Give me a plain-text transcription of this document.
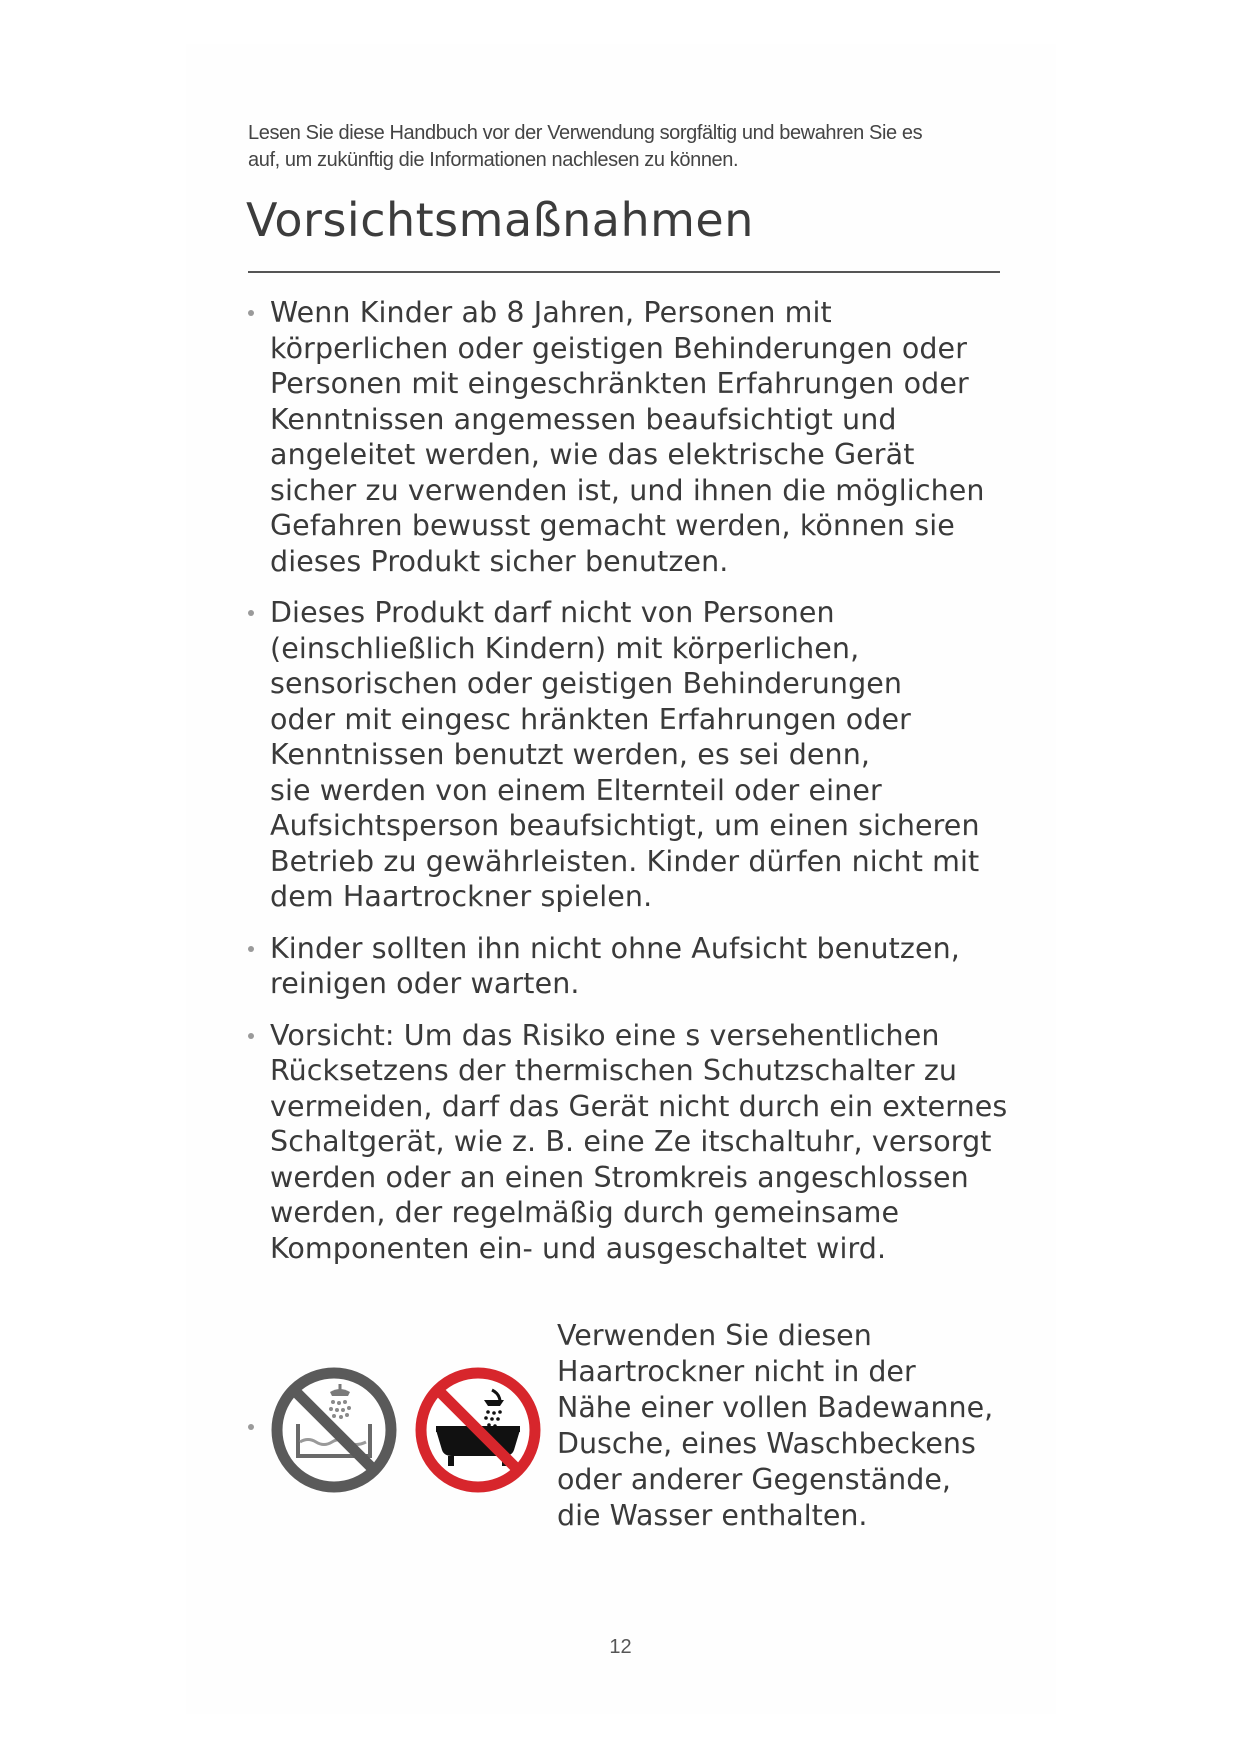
Lesen Sie diese Handbuch vor der Verwendung sorgfältig und bewahren Sie es
auf, um zukünftig die Informationen nachlesen zu können.
Vorsichtsmaßnahmen
Wenn Kinder ab 8 Jahren, Personen mit
körperlichen oder geistigen Behinderungen oder
Personen mit eingeschränkten Erfahrungen oder
Kenntnissen angemessen beaufsichtigt und
angeleitet werden, wie das elektrische Gerät
sicher zu verwenden ist, und ihnen die möglichen
Gefahren bewusst gemacht werden, können sie
dieses Produkt sicher benutzen.
Dieses Produkt darf nicht von Personen
(einschließlich Kindern) mit körperlichen,
sensorischen oder geistigen Behinderungen
oder mit eingesc hränkten Erfahrungen oder
Kenntnissen benutzt werden, es sei denn,
sie werden von einem Elternteil oder einer
Aufsichtsperson beaufsichtigt, um einen sicheren
Betrieb zu gewährleisten. Kinder dürfen nicht mit
dem Haartrockner spielen.
Kinder sollten ihn nicht ohne Aufsicht benutzen,
reinigen oder warten.
Vorsicht: Um das Risiko eine s versehentlichen
Rücksetzens der thermischen Schutzschalter zu
vermeiden, darf das Gerät nicht durch ein externes
Schaltgerät, wie z. B. eine Ze itschaltuhr, versorgt
werden oder an einen Stromkreis angeschlossen
werden, der regelmäßig durch gemeinsame
Komponenten ein- und ausgeschaltet wird.
Verwenden Sie diesen
Haartrockner nicht in der
Nähe einer vollen Badewanne,
Dusche, eines Waschbeckens
oder anderer Gegenstände,
die Wasser enthalten.
12
